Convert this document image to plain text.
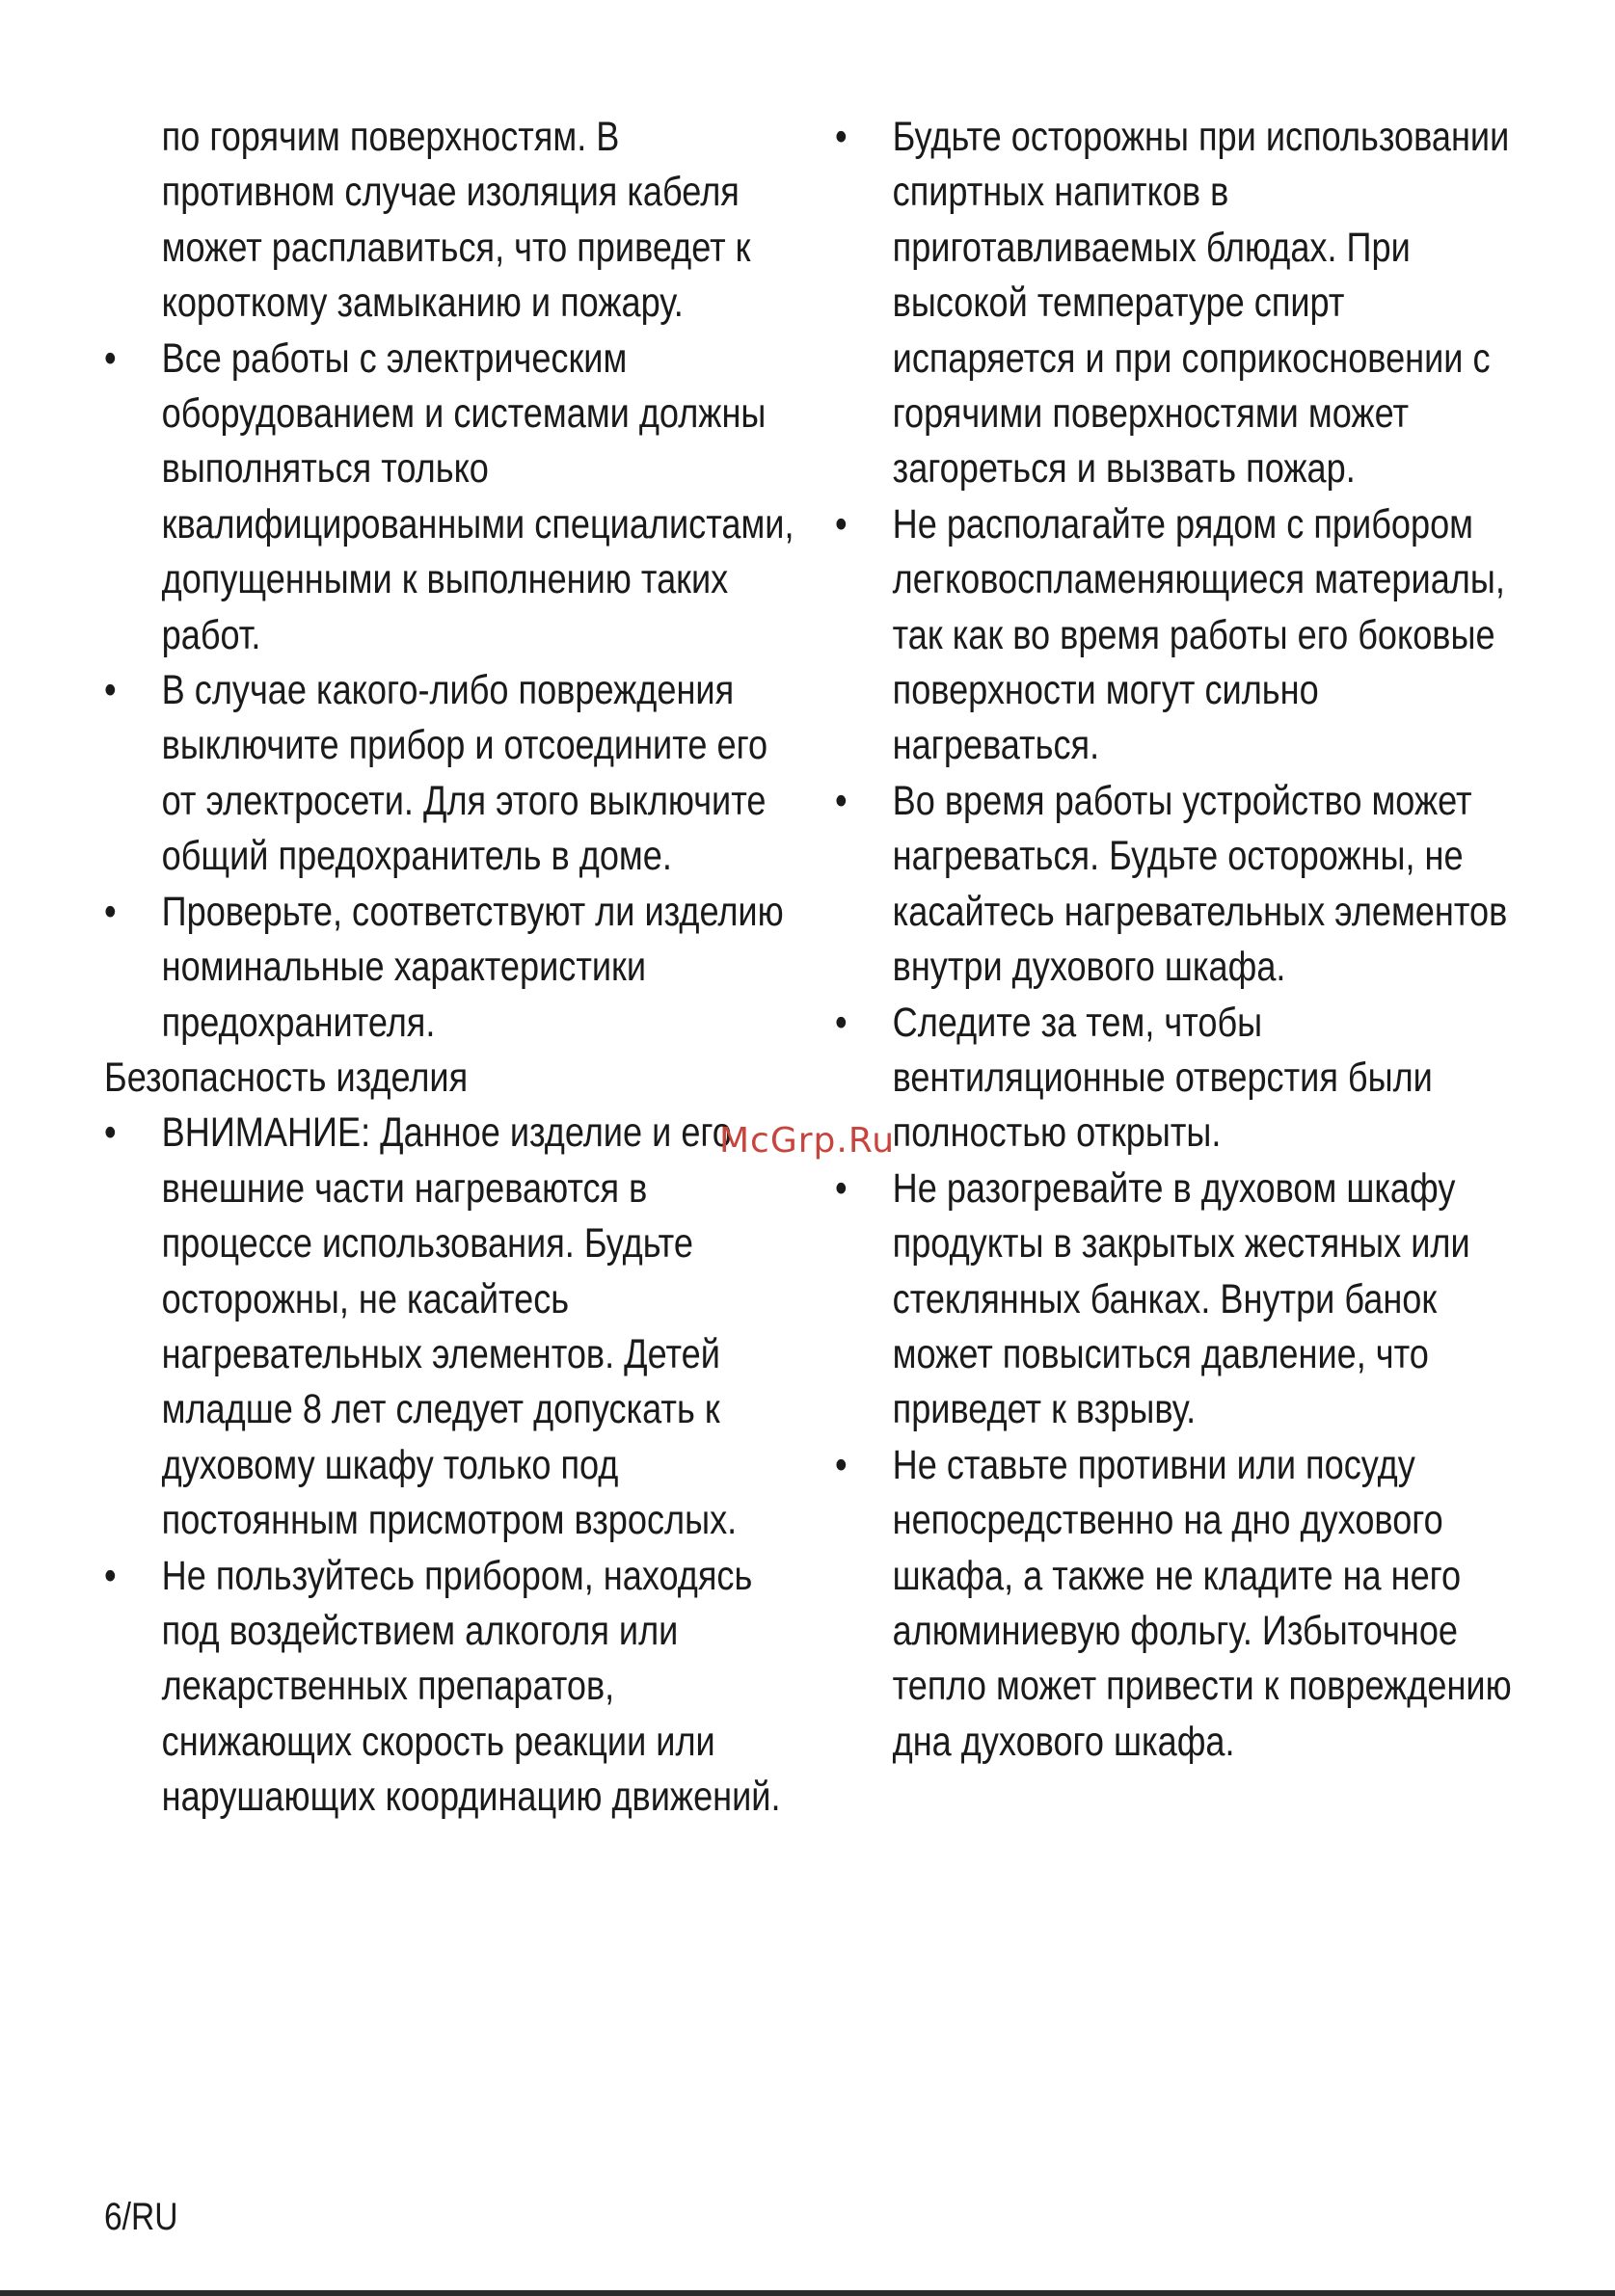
по горячим поверхностям. В противном случае изоляция кабеля может расплавиться, что приведет к короткому замыканию и пожару.

• Все работы с электрическим оборудованием и системами должны выполняться только квалифицированными специалистами, допущенными к выполнению таких работ.

• В случае какого-либо повреждения выключите прибор и отсоедините его от электросети. Для этого выключите общий предохранитель в доме.

• Проверьте, соответствуют ли изделию номинальные характеристики предохранителя.

Безопасность изделия

• ВНИМАНИЕ: Данное изделие и его внешние части нагреваются в процессе использования. Будьте осторожны, не касайтесь нагревательных элементов. Детей младше 8 лет следует допускать к духовому шкафу только под постоянным присмотром взрослых.

• Не пользуйтесь прибором, находясь под воздействием алкоголя или лекарственных препаратов, снижающих скорость реакции или нарушающих координацию движений.

• Будьте осторожны при использовании спиртных напитков в приготавливаемых блюдах. При высокой температуре спирт испаряется и при соприкосновении с горячими поверхностями может загореться и вызвать пожар.

• Не располагайте рядом с прибором легковоспламеняющиеся материалы, так как во время работы его боковые поверхности могут сильно нагреваться.

• Во время работы устройство может нагреваться. Будьте осторожны, не касайтесь нагревательных элементов внутри духового шкафа.

• Следите за тем, чтобы вентиляционные отверстия были полностью открыты.

• Не разогревайте в духовом шкафу продукты в закрытых жестяных или стеклянных банках. Внутри банок может повыситься давление, что приведет к взрыву.

• Не ставьте противни или посуду непосредственно на дно духового шкафа, а также не кладите на него алюминиевую фольгу. Избыточное тепло может привести к повреждению дна духового шкафа.

McGrp.Ru
6/RU
